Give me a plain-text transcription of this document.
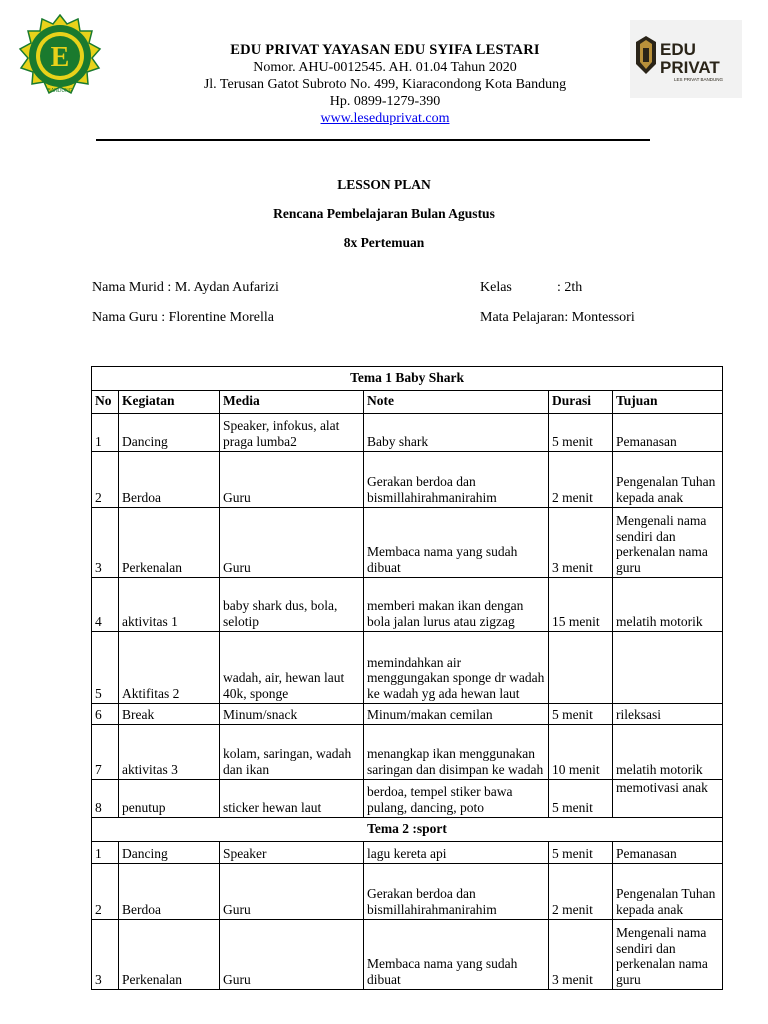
E
BANDUNG
EDU PRIVAT YAYASAN EDU SYIFA LESTARI
Nomor. AHU-0012545. AH. 01.04 Tahun 2020
Jl. Terusan Gatot Subroto No. 499, Kiaracondong Kota Bandung
Hp. 0899-1279-390
www.leseduprivat.com
EDU
PRIVAT
LES PRIVAT BANDUNG
LESSON PLAN
Rencana Pembelajaran Bulan Agustus
8x Pertemuan
Nama Murid : M. Aydan Aufarizi
Nama Guru : Florentine Morella
Kelas	: 2th
Mata Pelajaran: Montessori
Tema 1 Baby Shark					
No	Kegiatan	Media	Note	Durasi	Tujuan
1	Dancing	Speaker, infokus, alat praga lumba2	Baby shark	5 menit	Pemanasan
2	Berdoa	Guru	Gerakan berdoa dan bismillahirahmanirahim	2 menit	Pengenalan Tuhan kepada anak
3	Perkenalan	Guru	Membaca nama yang sudah dibuat	3 menit	Mengenali nama sendiri dan perkenalan nama guru
4	aktivitas 1	baby shark dus, bola, selotip	memberi makan ikan dengan bola jalan lurus atau zigzag	15 menit	melatih motorik
5	Aktifitas 2	wadah, air, hewan laut 40k, sponge	memindahkan air menggungakan sponge dr wadah ke wadah yg ada hewan laut		
6	Break	Minum/snack	Minum/makan cemilan	5 menit	rileksasi
7	aktivitas 3	kolam, saringan, wadah dan ikan	menangkap ikan menggunakan saringan dan disimpan ke wadah	10 menit	melatih motorik
8	penutup	sticker hewan laut	berdoa, tempel stiker bawa pulang, dancing, poto	5 menit	memotivasi anak
Tema 2 :sport					
1	Dancing	Speaker	lagu kereta api	5 menit	Pemanasan
2	Berdoa	Guru	Gerakan berdoa dan bismillahirahmanirahim	2 menit	Pengenalan Tuhan kepada anak
3	Perkenalan	Guru	Membaca nama yang sudah dibuat	3 menit	Mengenali nama sendiri dan perkenalan nama guru
